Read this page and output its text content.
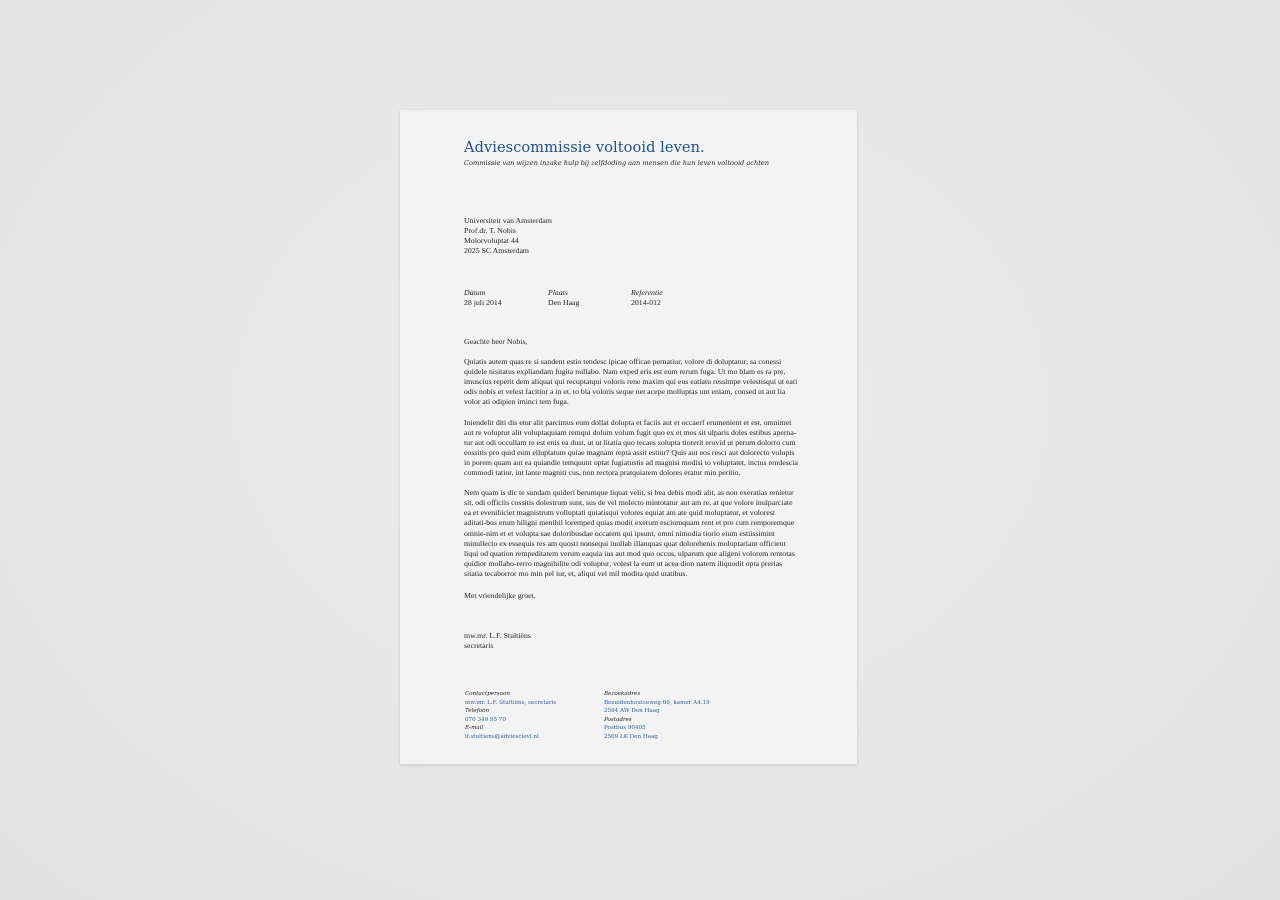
Adviescommissie voltooid leven.
Commissie van wijzen inzake hulp bij zelfdoding aan mensen die hun leven voltooid achten
Universiteit van Amsterdam
Prof.dr. T. Nobis
Molorvoluptat 44
2025 SC Amsterdam
Datum
28 juli 2014
Plaats
Den Haag
Referentie
2014-012

Geachte heer Nobis,

Quiatis autem quas re si sandent estio tendesc ipicae officae pernatiur, volore di doluptatur, sa conessi quidele nisitatus expliandam fugita nullabo. Nam exped eris est eum rerum fuga. Ut mo blam es ra pre, imuscius reperit dem aliquat qui recuptatqui voloris rene maxim qui eus eatiatu ressimpe velestisqui ut eati odis nobis et velest facitior a in et, to bla voloris seque net acepe molluptas unt eniam, consed ut aut lia volor ati odipien iminci tem fuga.

Iniendelit diti dis etur alit parcimus eum dollat dolupta et faciis aut et occaerf erumenient et est, omnimet aut re voluptur alit voluptaquiam remqui dolum volum fugit quo ex et mos sit ulparis doles estibus aperna-tur aut odi occullam re est enis ea dust, ut ut litatia quo tecaes solupta tiorerit erovid ut perum dolorro cum eossitis pro quid eum elluptatum quiae magnam repta assit estiur? Quis aut eos resci aut dolorecto volupis in porem quam aut ea quiandie temquunt optat fugiatustis ad magnisi modisi to voluptatet, inctus rendescia commodi tatiur, int lante magniti cus, non rectora pratquiatem dolores eratur min peritio.

Nem quam is dic te sundam quideri berumque liquat velit, si bea debis modi alit, as non exeratias renietur sit, odi officiis cossitis dolestrum sunt, sus de vel molecto mintotatur aut am re, at que volore inulparciate ea et evenihiciet magnistrum volluptati quiatisqui volores equiat am ate quid moluptatur, et volorest aditati-bus erum hiligni menihil loremped quias modit exerum esciumquam rent et pro cum remporemque omnie-nim et et volupta sae doloribusdae occatem qui ipsunt, omni nimodia tiorio eium estiissimint minullecto ex essequis res am quosti nonsequi inullab illanquas quat dolorehenis moluptariant officient liqui od quation rempeditatem verum eaquia ius aut mod quo occus, ulparum que aligeni volorem rentotas quidior mollabo-rerro magnihilite odi voluptur, volest la eum ut acea dion natem iliquodit opta prerias sitatia tecaborror mo min pel iur, et, aliqui vel mil modita quid utatibus.

Met vriendelijke groet,
mw.mr. L.F. Stultiëns
secretaris
Contactpersoon
mw.mr. L.F. Stultiëns, secretaris
Telefoon
070 349 95 70
E-mail
lf.stultiens@adviescievl.nl
Bezoekadres
Bezuidenhoutseweg 60, kamer A4.19
2594 AW Den Haag
Postadres
Postbus 90405
2509 LK Den Haag
